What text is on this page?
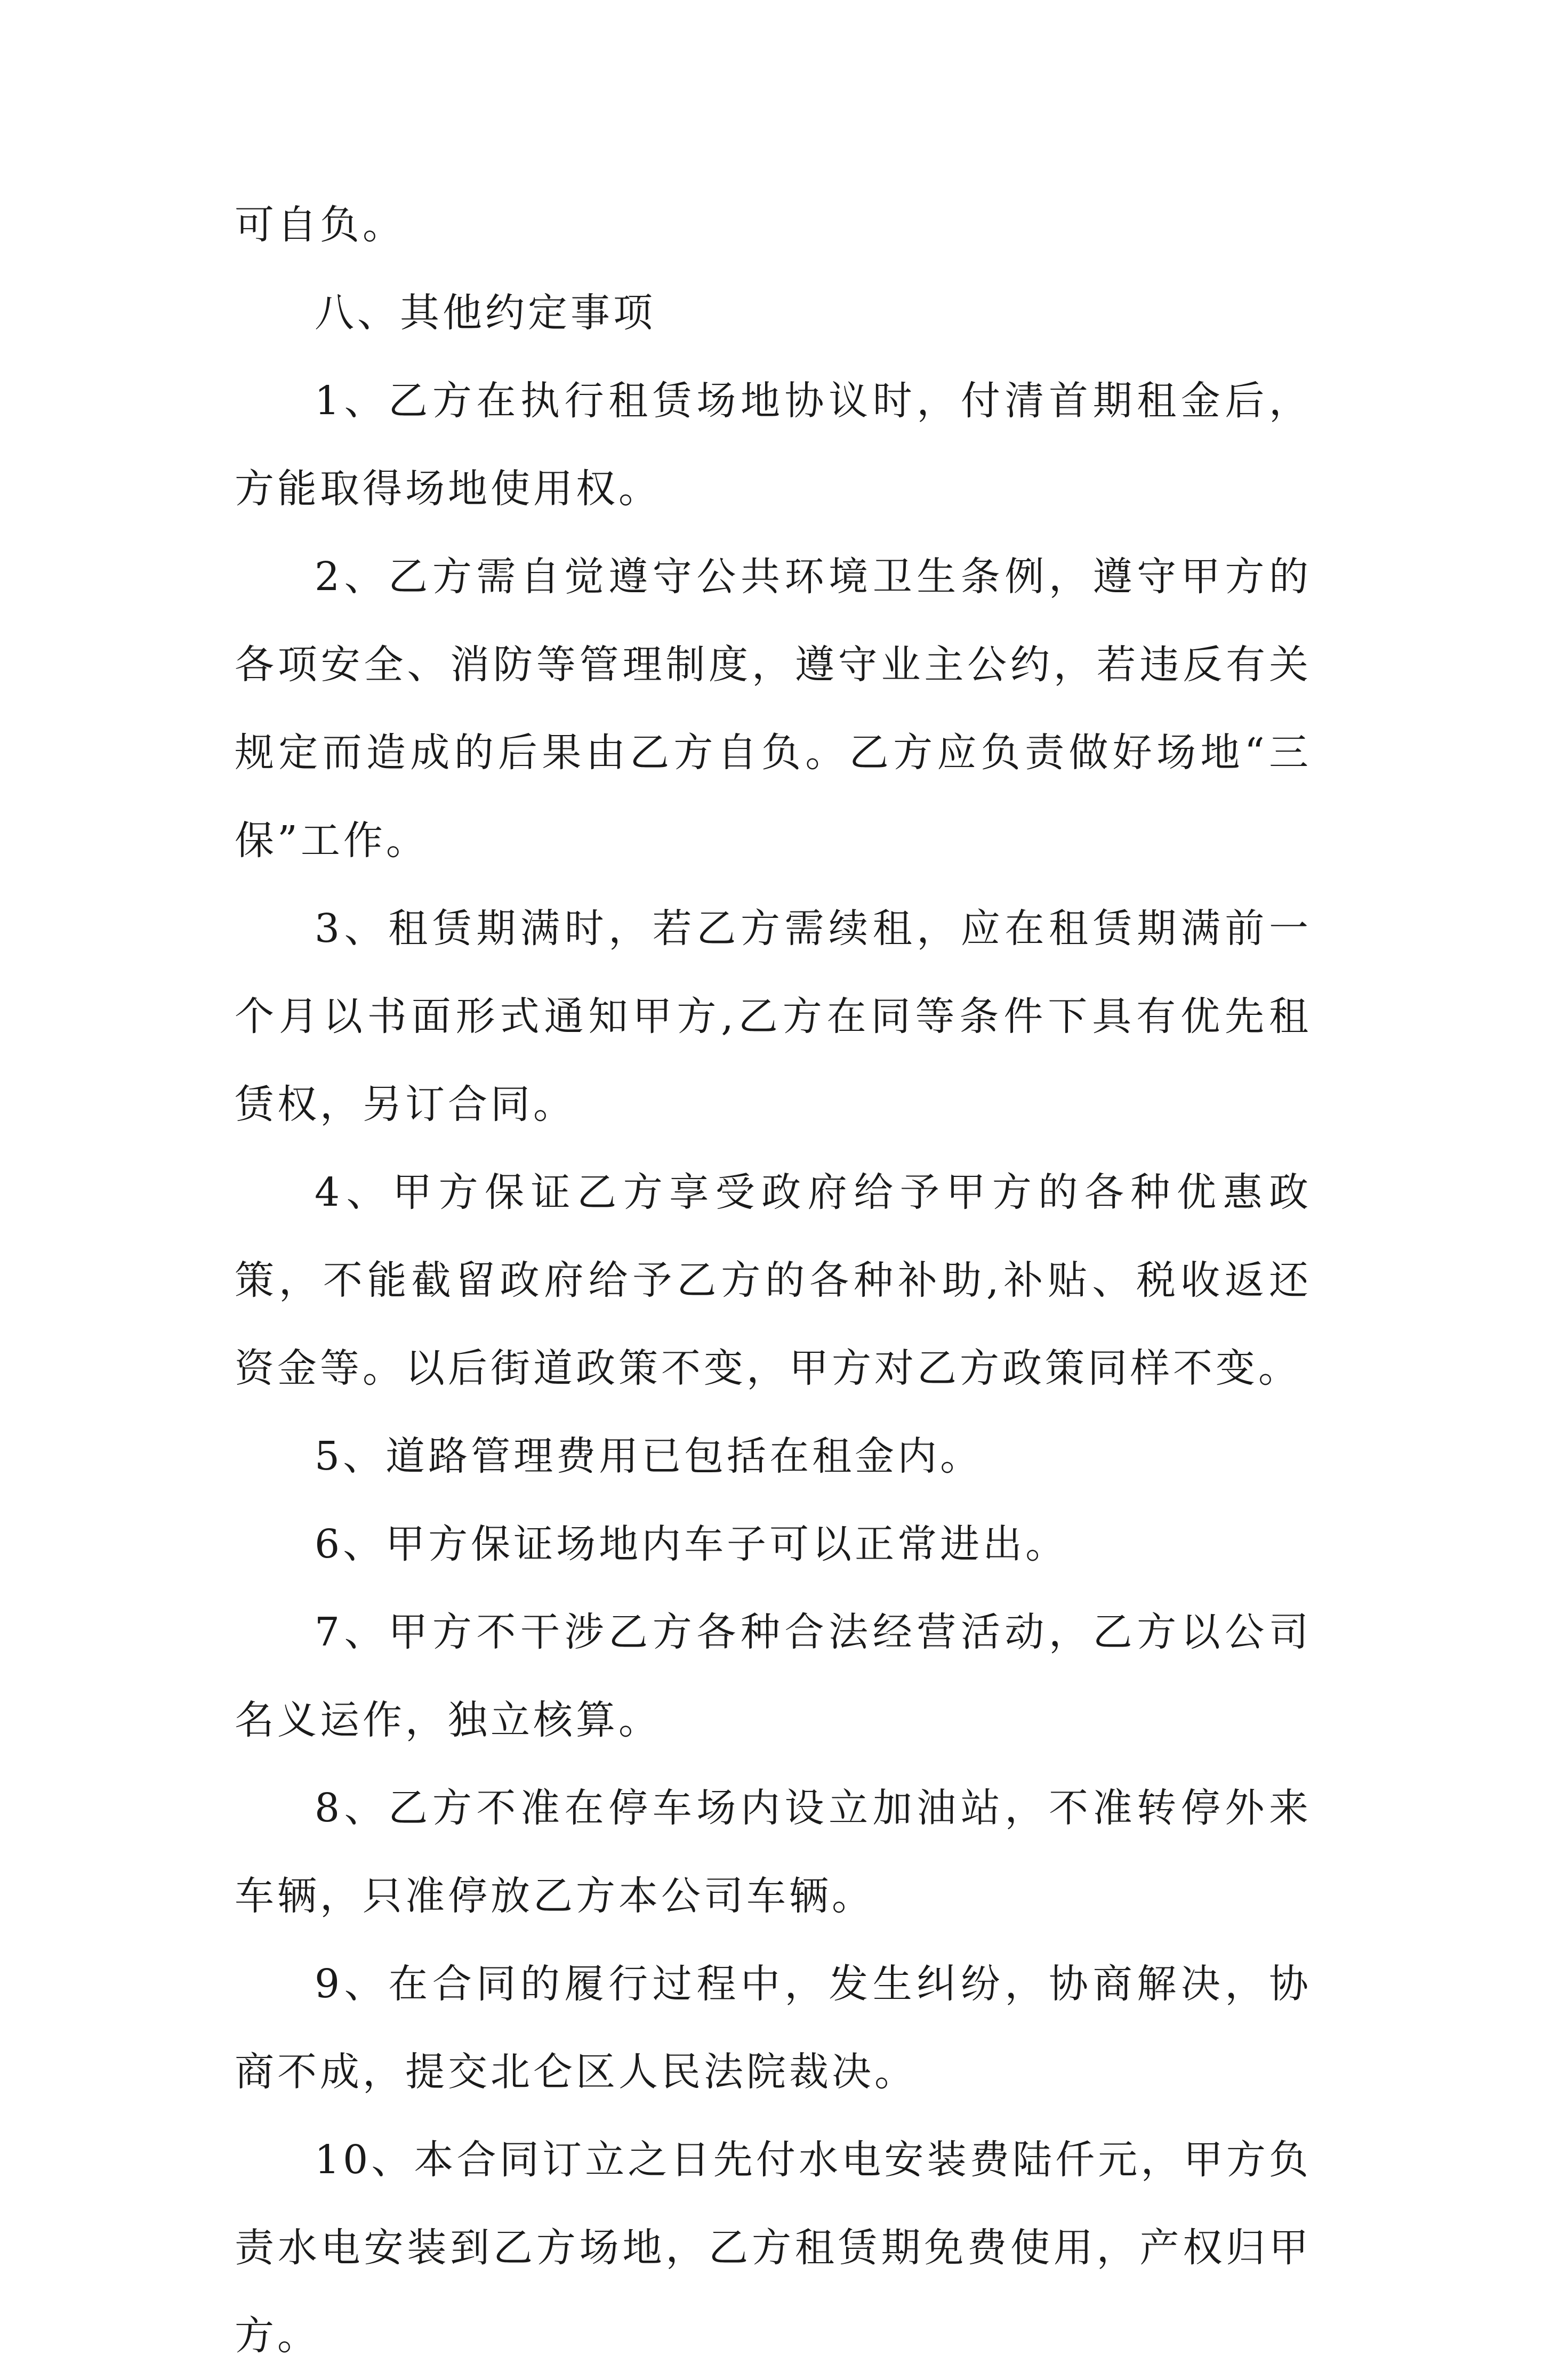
可自负。

八、其他约定事项

1、乙方在执行租赁场地协议时，付清首期租金后，方能取得场地使用权。

2、乙方需自觉遵守公共环境卫生条例，遵守甲方的各项安全、消防等管理制度，遵守业主公约，若违反有关规定而造成的后果由乙方自负。乙方应负责做好场地“三保”工作。

3、租赁期满时，若乙方需续租，应在租赁期满前一个月以书面形式通知甲方,乙方在同等条件下具有优先租赁权，另订合同。

4、甲方保证乙方享受政府给予甲方的各种优惠政策，不能截留政府给予乙方的各种补助,补贴、税收返还资金等。以后街道政策不变，甲方对乙方政策同样不变。

5、道路管理费用已包括在租金内。

6、甲方保证场地内车子可以正常进出。

7、甲方不干涉乙方各种合法经营活动，乙方以公司名义运作，独立核算。

8、乙方不准在停车场内设立加油站，不准转停外来车辆，只准停放乙方本公司车辆。

9、在合同的履行过程中，发生纠纷，协商解决，协商不成，提交北仑区人民法院裁决。

10、本合同订立之日先付水电安装费陆仟元，甲方负责水电安装到乙方场地，乙方租赁期免费使用，产权归甲方。
